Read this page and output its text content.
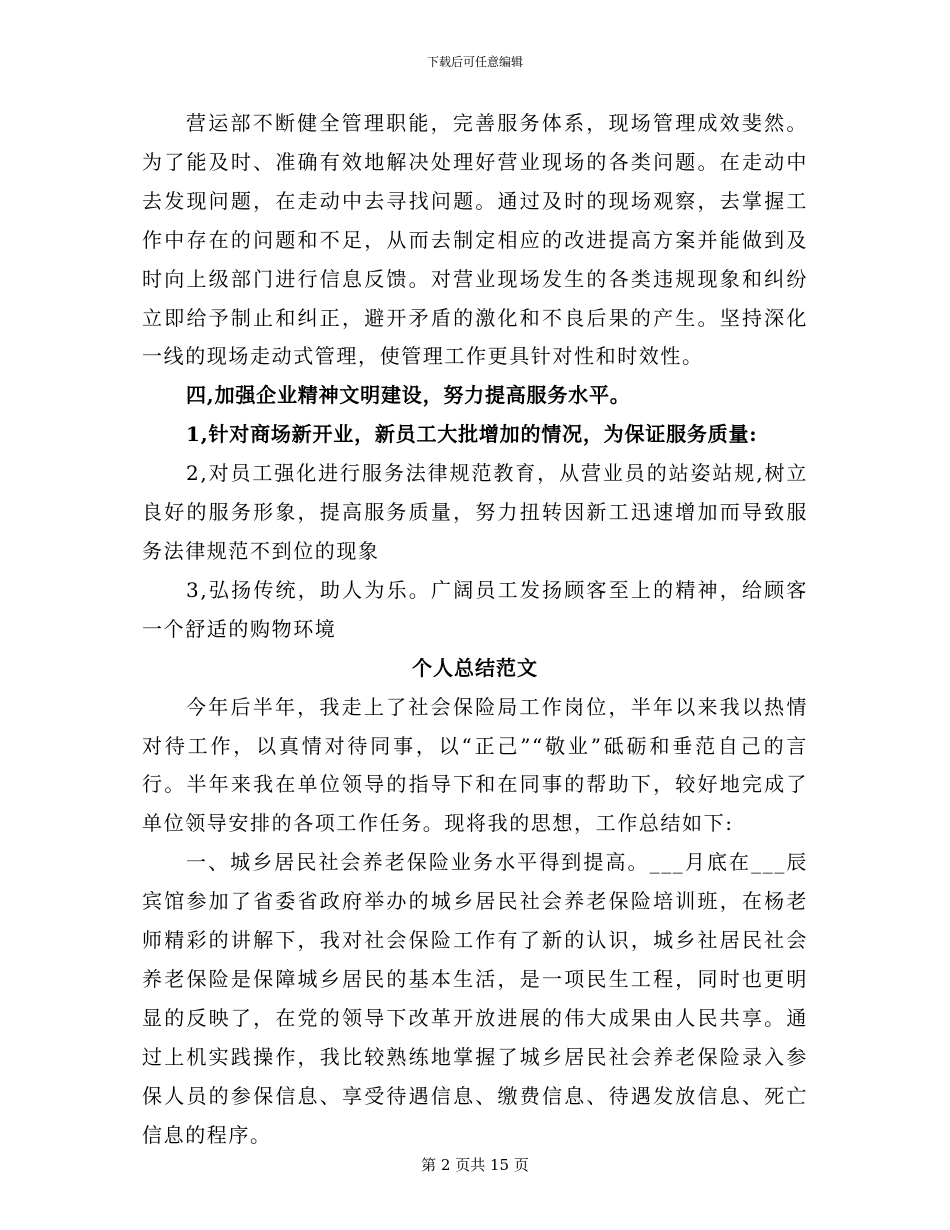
下载后可任意编辑

营运部不断健全管理职能，完善服务体系，现场管理成效斐然。为了能及时、准确有效地解决处理好营业现场的各类问题。在走动中去发现问题，在走动中去寻找问题。通过及时的现场观察，去掌握工作中存在的问题和不足，从而去制定相应的改进提高方案并能做到及时向上级部门进行信息反馈。对营业现场发生的各类违规现象和纠纷立即给予制止和纠正，避开矛盾的激化和不良后果的产生。坚持深化一线的现场走动式管理，使管理工作更具针对性和时效性。

四,加强企业精神文明建设，努力提高服务水平。

1,针对商场新开业，新员工大批增加的情况，为保证服务质量:

2,对员工强化进行服务法律规范教育，从营业员的站姿站规,树立良好的服务形象，提高服务质量，努力扭转因新工迅速增加而导致服务法律规范不到位的现象

3,弘扬传统，助人为乐。广阔员工发扬顾客至上的精神，给顾客一个舒适的购物环境

个人总结范文

今年后半年，我走上了社会保险局工作岗位，半年以来我以热情对待工作，以真情对待同事，以“正己”“敬业”砥砺和垂范自己的言行。半年来我在单位领导的指导下和在同事的帮助下，较好地完成了单位领导安排的各项工作任务。现将我的思想，工作总结如下:

一、城乡居民社会养老保险业务水平得到提高。___月底在___辰宾馆参加了省委省政府举办的城乡居民社会养老保险培训班，在杨老师精彩的讲解下，我对社会保险工作有了新的认识，城乡社居民社会养老保险是保障城乡居民的基本生活，是一项民生工程，同时也更明显的反映了，在党的领导下改革开放进展的伟大成果由人民共享。通过上机实践操作，我比较熟练地掌握了城乡居民社会养老保险录入参保人员的参保信息、享受待遇信息、缴费信息、待遇发放信息、死亡信息的程序。

第 2 页共 15 页
